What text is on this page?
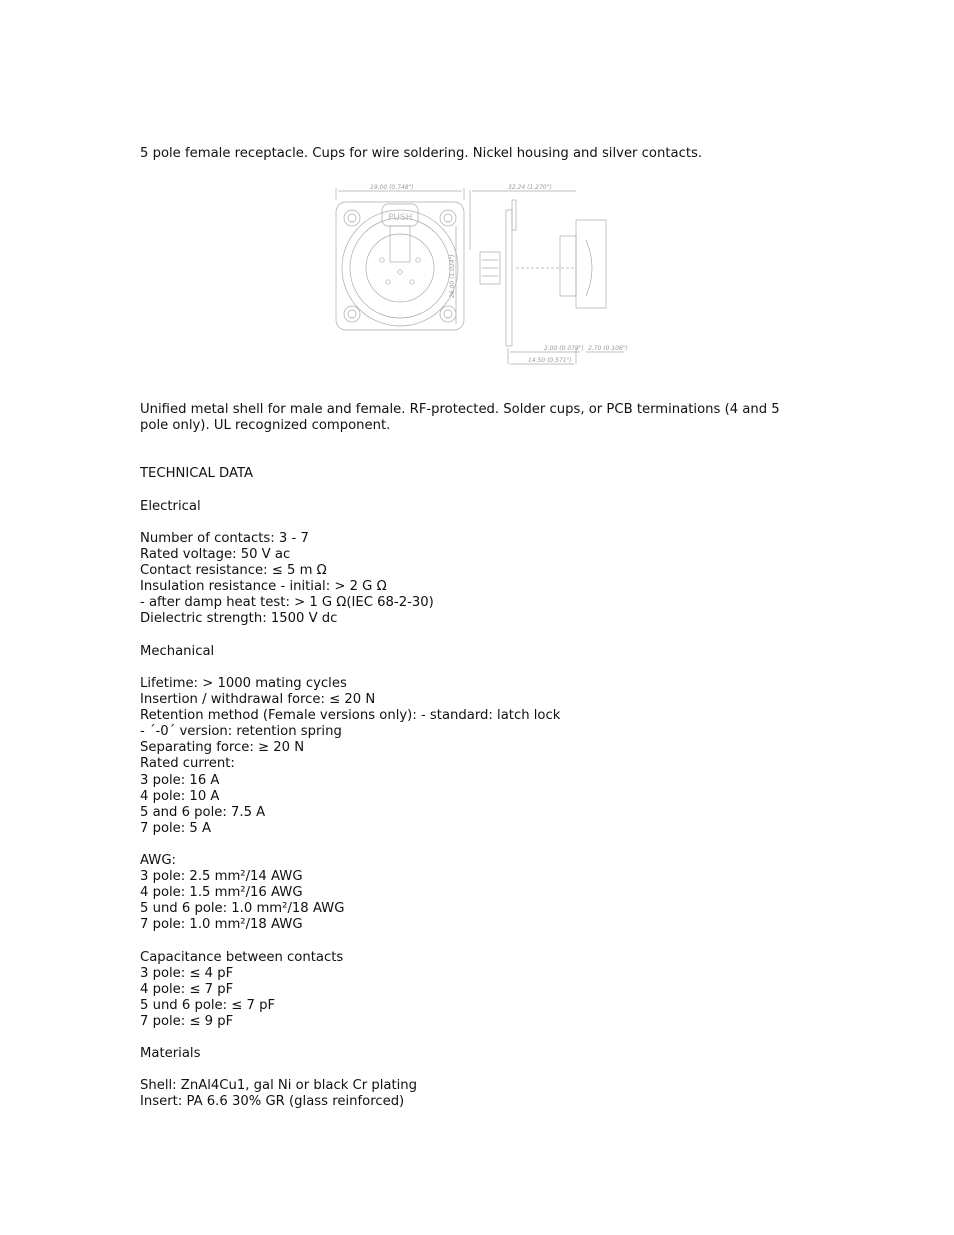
5 pole female receptacle. Cups for wire soldering. Nickel housing and silver contacts.
19.00 (0.748")	32.24 (1.270")
26.00 (1.024")
2.00 (0.079") 2.70 (0.106")
14.50 (0.571")
PUSH
Unified metal shell for male and female. RF-protected. Solder cups, or PCB terminations (4 and 5 pole only). UL recognized component.
TECHNICAL DATA
Electrical
Number of contacts: 3 - 7
Rated voltage: 50 V ac
Contact resistance: ≤ 5 m Ω
Insulation resistance - initial: > 2 G Ω
- after damp heat test: > 1 G Ω(IEC 68-2-30)
Dielectric strength: 1500 V dc
Mechanical
Lifetime: > 1000 mating cycles
Insertion / withdrawal force: ≤ 20 N
Retention method (Female versions only): - standard: latch lock
- ´-0´ version: retention spring
Separating force: ≥ 20 N
Rated current:
3 pole: 16 A
4 pole: 10 A
5 and 6 pole: 7.5 A
7 pole: 5 A
AWG:
3 pole: 2.5 mm²/14 AWG
4 pole: 1.5 mm²/16 AWG
5 und 6 pole: 1.0 mm²/18 AWG
7 pole: 1.0 mm²/18 AWG
Capacitance between contacts
3 pole: ≤ 4 pF
4 pole: ≤ 7 pF
5 und 6 pole: ≤ 7 pF
7 pole: ≤ 9 pF
Materials
Shell: ZnAl4Cu1, gal Ni or black Cr plating
Insert: PA 6.6 30% GR (glass reinforced)
